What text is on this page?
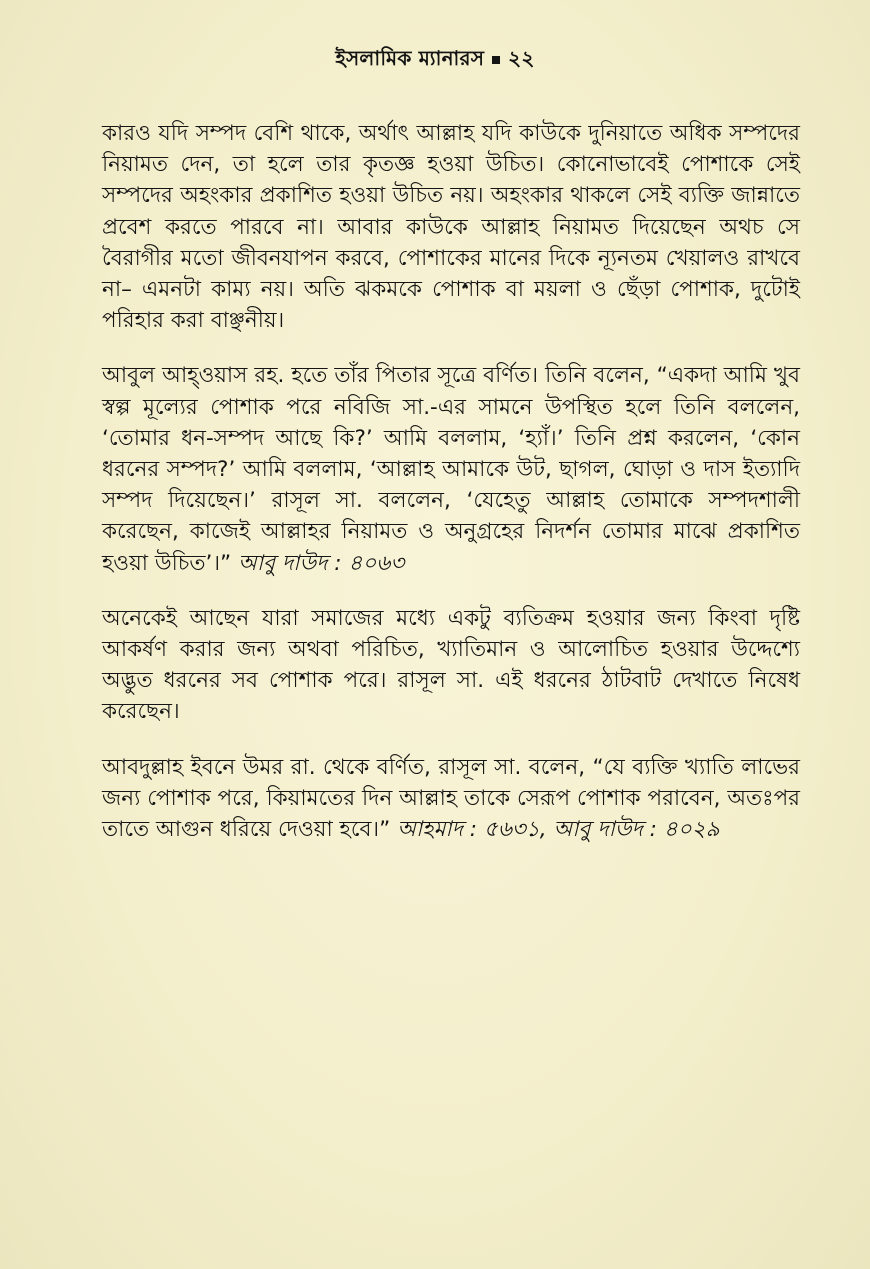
ইসলামিক ম্যানারস ২২

কারও যদি সম্পদ বেশি থাকে, অর্থাৎ আল্লাহ যদি কাউকে দুনিয়াতে অধিক সম্পদের নিয়ামত দেন, তা হলে তার কৃতজ্ঞ হওয়া উচিত। কোনোভাবেই পোশাকে সেই সম্পদের অহংকার প্রকাশিত হওয়া উচিত নয়। অহংকার থাকলে সেই ব্যক্তি জান্নাতে প্রবেশ করতে পারবে না। আবার কাউকে আল্লাহ নিয়ামত দিয়েছেন অথচ সে বৈরাগীর মতো জীবনযাপন করবে, পোশাকের মানের দিকে ন্যূনতম খেয়ালও রাখবে না– এমনটা কাম্য নয়। অতি ঝকমকে পোশাক বা ময়লা ও ছেঁড়া পোশাক, দুটোই পরিহার করা বাঞ্ছনীয়।

আবুল আহ্ওয়াস রহ. হতে তাঁর পিতার সূত্রে বর্ণিত। তিনি বলেন, “একদা আমি খুব স্বল্প মূল্যের পোশাক পরে নবিজি সা.-এর সামনে উপস্থিত হলে তিনি বললেন, ‘তোমার ধন-সম্পদ আছে কি?’ আমি বললাম, ‘হ্যাঁ।’ তিনি প্রশ্ন করলেন, ‘কোন ধরনের সম্পদ?’ আমি বললাম, ‘আল্লাহ আমাকে উট, ছাগল, ঘোড়া ও দাস ইত্যাদি সম্পদ দিয়েছেন।’ রাসূল সা. বললেন, ‘যেহেতু আল্লাহ তোমাকে সম্পদশালী করেছেন, কাজেই আল্লাহর নিয়ামত ও অনুগ্রহের নিদর্শন তোমার মাঝে প্রকাশিত হওয়া উচিত’।” আবু দাউদ : ৪০৬৩

অনেকেই আছেন যারা সমাজের মধ্যে একটু ব্যতিক্রম হওয়ার জন্য কিংবা দৃষ্টি আকর্ষণ করার জন্য অথবা পরিচিত, খ্যাতিমান ও আলোচিত হওয়ার উদ্দেশ্যে অদ্ভুত ধরনের সব পোশাক পরে। রাসূল সা. এই ধরনের ঠাটবাট দেখাতে নিষেধ করেছেন।

আবদুল্লাহ ইবনে উমর রা. থেকে বর্ণিত, রাসূল সা. বলেন, “যে ব্যক্তি খ্যাতি লাভের জন্য পোশাক পরে, কিয়ামতের দিন আল্লাহ তাকে সেরূপ পোশাক পরাবেন, অতঃপর তাতে আগুন ধরিয়ে দেওয়া হবে।” আহমাদ : ৫৬৩১, আবু দাউদ : ৪০২৯
